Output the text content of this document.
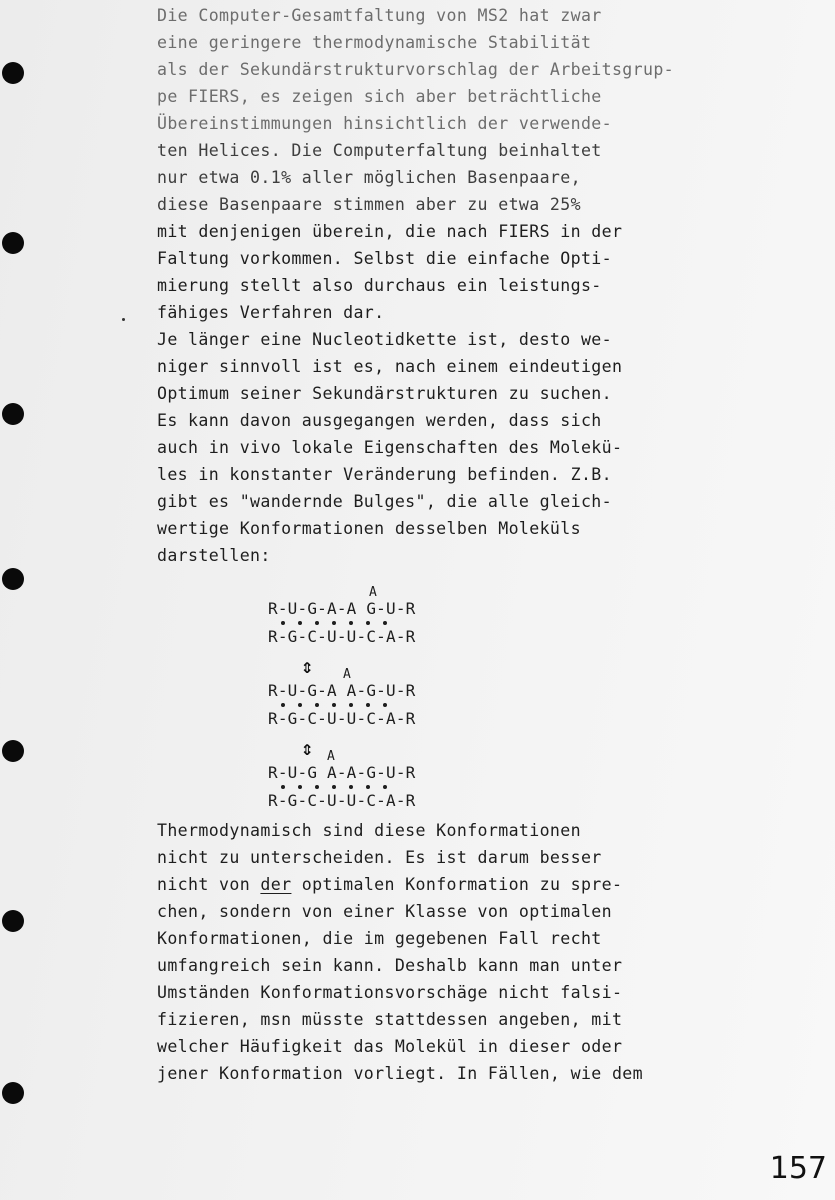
Die Computer-Gesamtfaltung von MS2 hat zwar
eine geringere thermodynamische Stabilität
als der Sekundärstrukturvorschlag der Arbeitsgrup-
pe FIERS, es zeigen sich aber beträchtliche
Übereinstimmungen hinsichtlich der verwende-
ten Helices. Die Computerfaltung beinhaltet
nur etwa 0.1% aller möglichen Basenpaare,
diese Basenpaare stimmen aber zu etwa 25%
mit denjenigen überein, die nach FIERS in der
Faltung vorkommen. Selbst die einfache Opti-
mierung stellt also durchaus ein leistungs-
fähiges Verfahren dar.
Je länger eine Nucleotidkette ist, desto we-
niger sinnvoll ist es, nach einem eindeutigen
Optimum seiner Sekundärstrukturen zu suchen.
Es kann davon ausgegangen werden, dass sich
auch in vivo lokale Eigenschaften des Molekü-
les in konstanter Veränderung befinden. Z.B.
gibt es "wandernde Bulges", die alle gleich-
wertige Konformationen desselben Moleküls
darstellen:
A
R-U-G-A-A G-U-R
R-G-C-U-U-C-A-R
⇕ A
R-U-G-A A-G-U-R
R-G-C-U-U-C-A-R
⇕ A
R-U-G A-A-G-U-R
R-G-C-U-U-C-A-R
Thermodynamisch sind diese Konformationen
nicht zu unterscheiden. Es ist darum besser
nicht von der optimalen Konformation zu spre-
chen, sondern von einer Klasse von optimalen
Konformationen, die im gegebenen Fall recht
umfangreich sein kann. Deshalb kann man unter
Umständen Konformationsvorschäge nicht falsi-
fizieren, msn müsste stattdessen angeben, mit
welcher Häufigkeit das Molekül in dieser oder
jener Konformation vorliegt. In Fällen, wie dem
157
